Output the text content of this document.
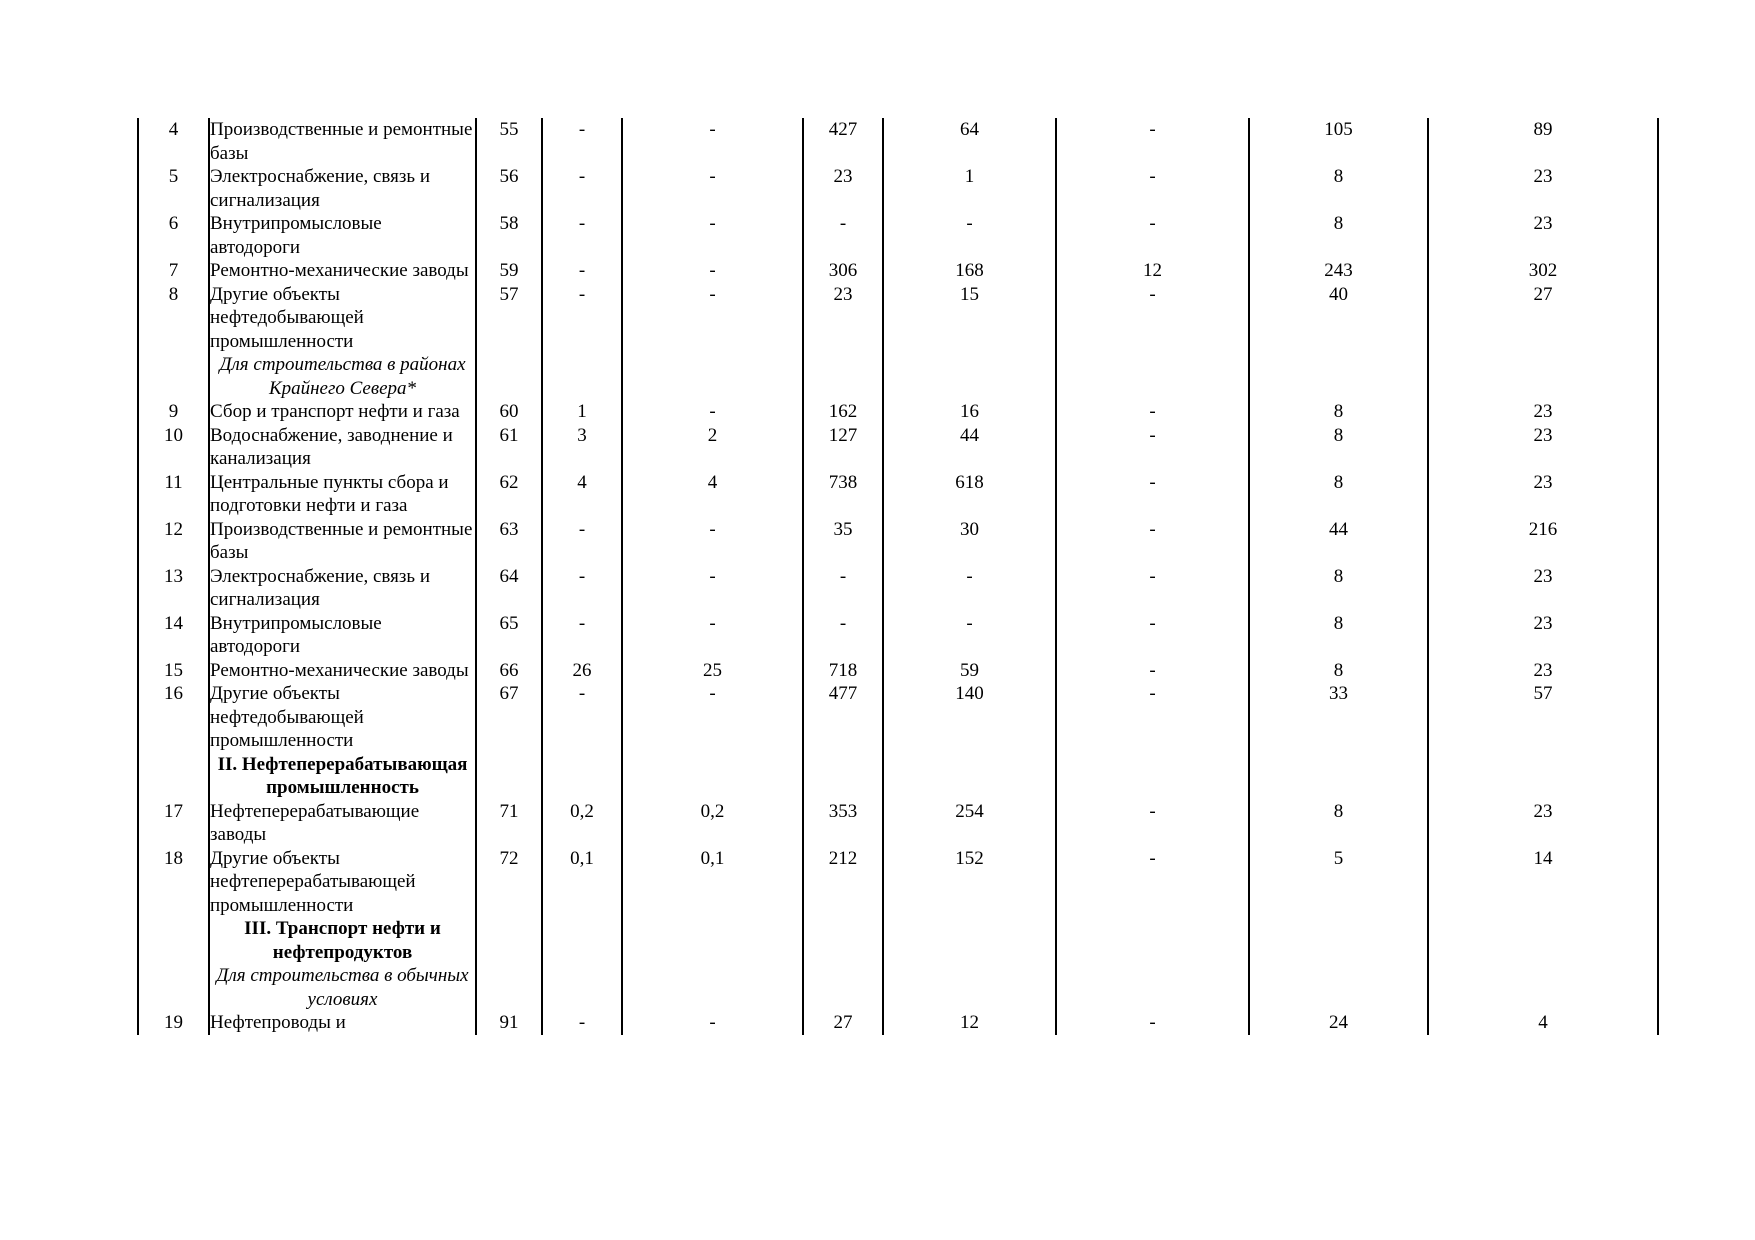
4	Производственные и ремонтные базы	55	-	-	427	64	-	105	89
5	Электроснабжение, связь и сигнализация	56	-	-	23	1	-	8	23
6	Внутрипромысловые автодороги	58	-	-	-	-	-	8	23
7	Ремонтно-механические заводы	59	-	-	306	168	12	243	302
8	Другие объекты нефтедобывающей промышленности	57	-	-	23	15	-	40	27
	Для строительства в районах Крайнего Севера*								
9	Сбор и транспорт нефти и газа	60	1	-	162	16	-	8	23
10	Водоснабжение, заводнение и канализация	61	3	2	127	44	-	8	23
11	Центральные пункты сбора и подготовки нефти и газа	62	4	4	738	618	-	8	23
12	Производственные и ремонтные базы	63	-	-	35	30	-	44	216
13	Электроснабжение, связь и сигнализация	64	-	-	-	-	-	8	23
14	Внутрипромысловые автодороги	65	-	-	-	-	-	8	23
15	Ремонтно-механические заводы	66	26	25	718	59	-	8	23
16	Другие объекты нефтедобывающей промышленности	67	-	-	477	140	-	33	57
	II. Нефтеперерабатывающая промышленность								
17	Нефтеперерабатывающие заводы	71	0,2	0,2	353	254	-	8	23
18	Другие объекты нефтеперерабатывающей промышленности	72	0,1	0,1	212	152	-	5	14
	III. Транспорт нефти и нефтепродуктов								
	Для строительства в обычных условиях								
19	Нефтепроводы и	91	-	-	27	12	-	24	4
